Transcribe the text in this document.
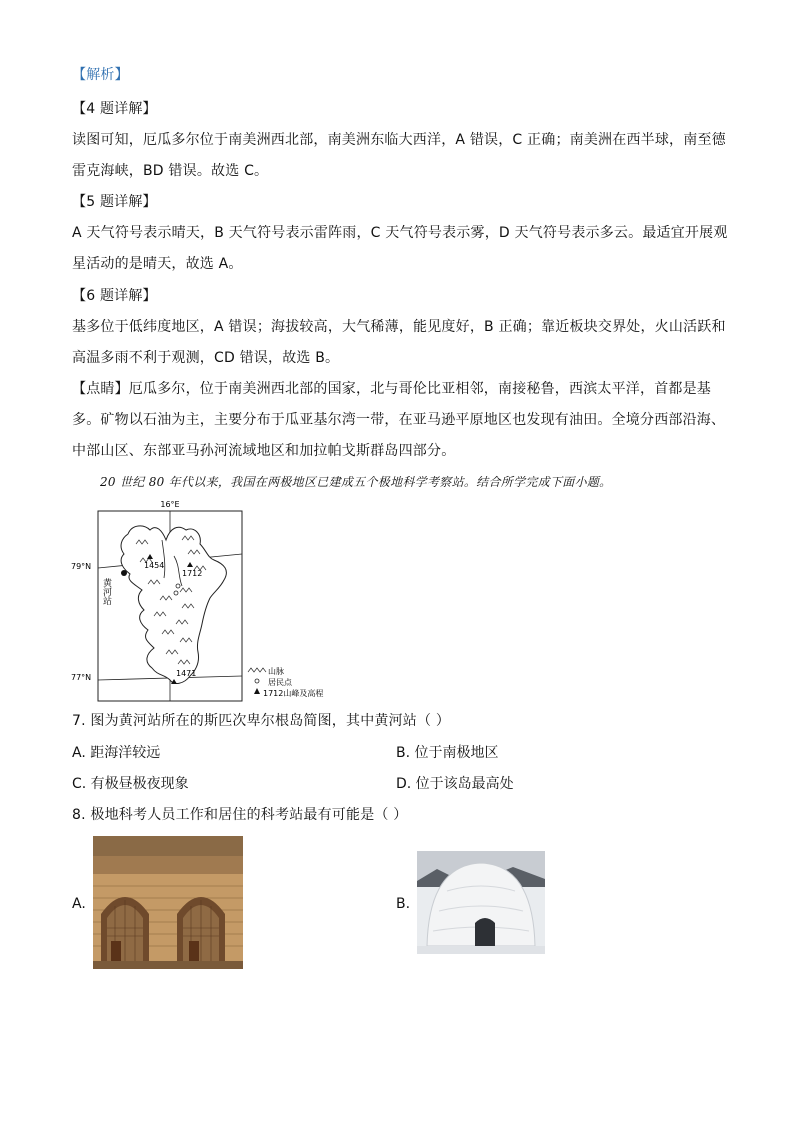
【解析】
【4 题详解】
读图可知，厄瓜多尔位于南美洲西北部，南美洲东临大西洋，A 错误，C 正确；南美洲在西半球，南至德
雷克海峡，BD 错误。故选 C。
【5 题详解】
A 天气符号表示晴天，B 天气符号表示雷阵雨，C 天气符号表示雾，D 天气符号表示多云。最适宜开展观
星活动的是晴天，故选 A。
【6 题详解】
基多位于低纬度地区，A 错误；海拔较高，大气稀薄，能见度好，B 正确；靠近板块交界处，火山活跃和
高温多雨不利于观测，CD 错误，故选 B。
【点睛】厄瓜多尔，位于南美洲西北部的国家，北与哥伦比亚相邻，南接秘鲁，西滨太平洋，首都是基
多。矿物以石油为主，主要分布于瓜亚基尔湾一带，在亚马逊平原地区也发现有油田。全境分西部沿海、
中部山区、东部亚马孙河流域地区和加拉帕戈斯群岛四部分。
20 世纪 80 年代以来，我国在两极地区已建成五个极地科学考察站。结合所学完成下面小题。
16°E
79°N
77°N
黄河站
1454
1712
1471	山脉
居民点
1712山峰及高程
7. 图为黄河站所在的斯匹次卑尔根岛简图，其中黄河站（ ）
A. 距海洋较远	B. 位于南极地区
C. 有极昼极夜现象	D. 位于该岛最高处
8. 极地科考人员工作和居住的科考站最有可能是（ ）
A.	B.
